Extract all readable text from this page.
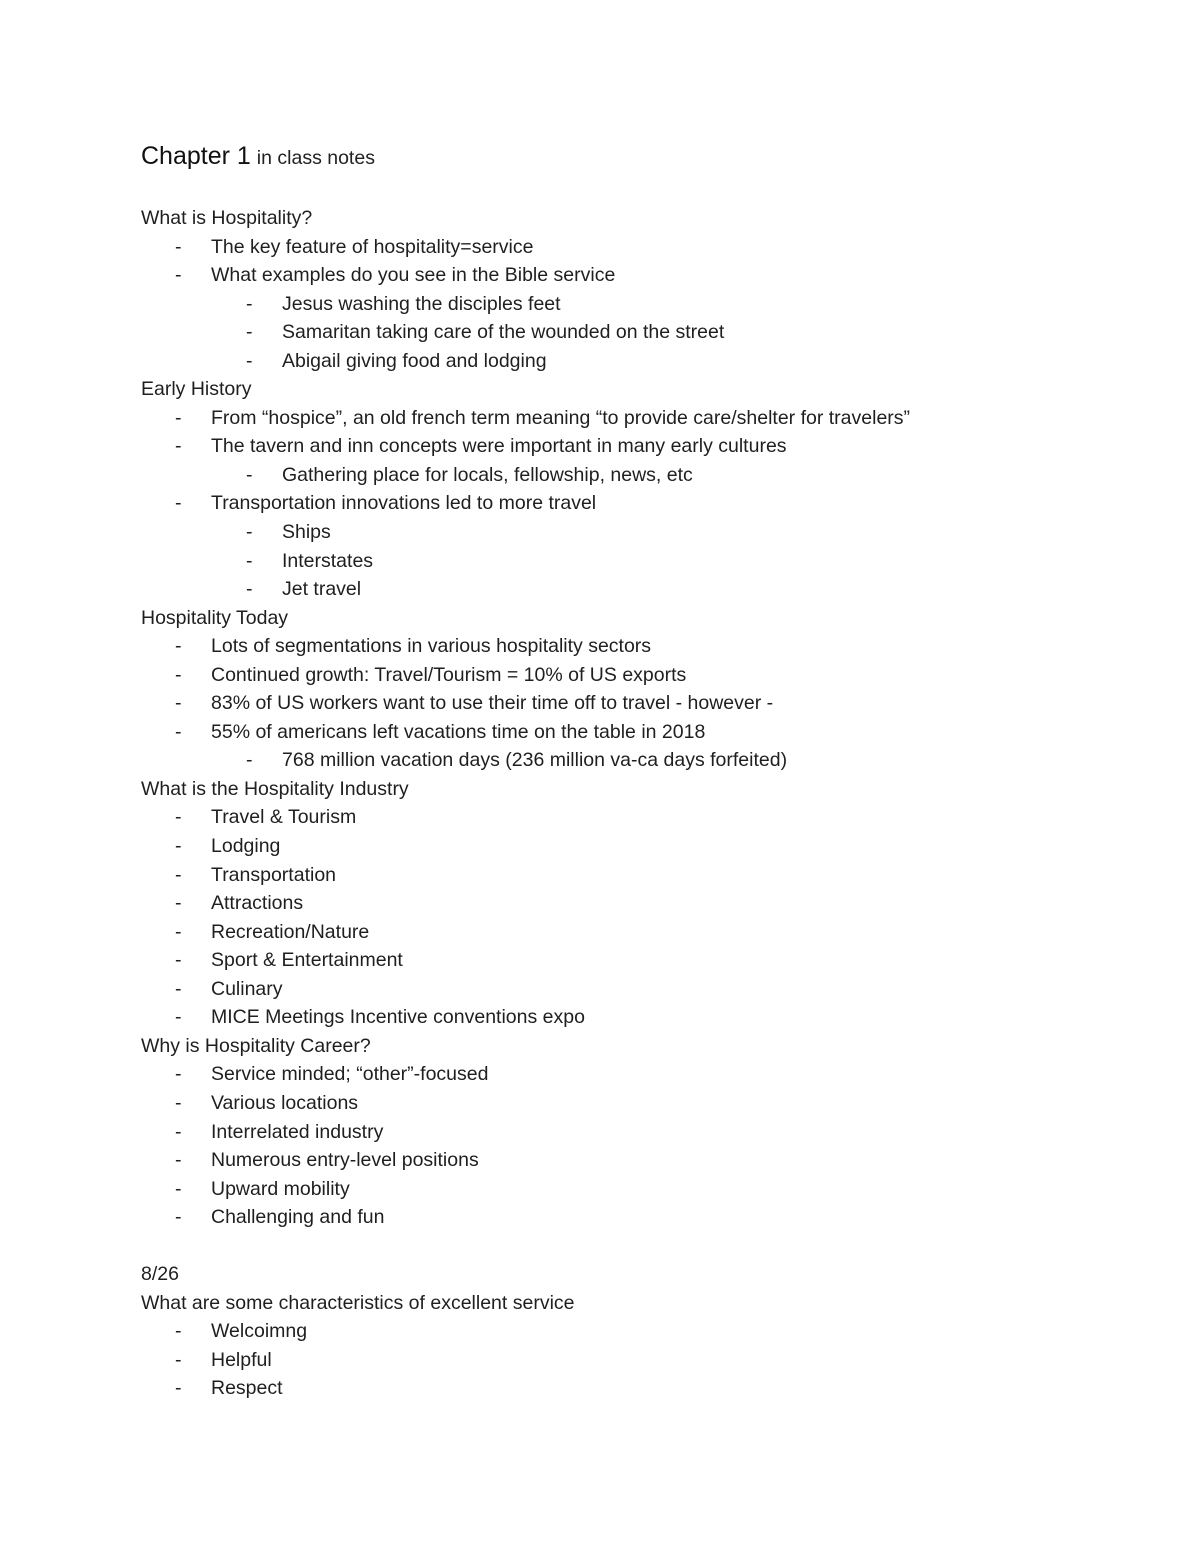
Chapter 1 in class notes
What is Hospitality?
- The key feature of hospitality=service
- What examples do you see in the Bible service
- Jesus washing the disciples feet
- Samaritan taking care of the wounded on the street
- Abigail giving food and lodging
Early History
- From “hospice”, an old french term meaning “to provide care/shelter for travelers”
- The tavern and inn concepts were important in many early cultures
- Gathering place for locals, fellowship, news, etc
- Transportation innovations led to more travel
- Ships
- Interstates
- Jet travel
Hospitality Today
- Lots of segmentations in various hospitality sectors
- Continued growth: Travel/Tourism = 10% of US exports
- 83% of US workers want to use their time off to travel - however -
- 55% of americans left vacations time on the table in 2018
- 768 million vacation days (236 million va-ca days forfeited)
What is the Hospitality Industry
- Travel & Tourism
- Lodging
- Transportation
- Attractions
- Recreation/Nature
- Sport & Entertainment
- Culinary
- MICE Meetings Incentive conventions expo
Why is Hospitality Career?
- Service minded; “other”-focused
- Various locations
- Interrelated industry
- Numerous entry-level positions
- Upward mobility
- Challenging and fun
8/26
What are some characteristics of excellent service
- Welcoimng
- Helpful
- Respect
